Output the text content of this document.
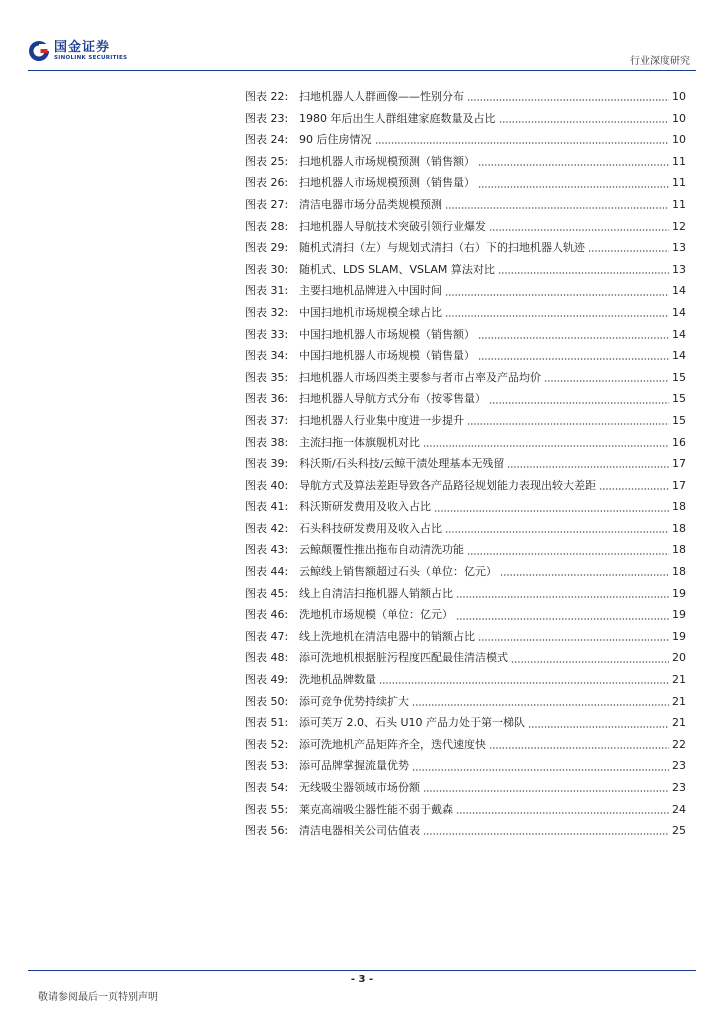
国金证券
SINOLINK SECURITIES	行业深度研究
图表 22: 扫地机器人人群画像——性别分布	10
图表 23: 1980 年后出生人群组建家庭数量及占比	10
图表 24: 90 后住房情况	10
图表 25: 扫地机器人市场规模预测（销售额）	11
图表 26: 扫地机器人市场规模预测（销售量）	11
图表 27: 清洁电器市场分品类规模预测	11
图表 28: 扫地机器人导航技术突破引领行业爆发	12
图表 29: 随机式清扫（左）与规划式清扫（右）下的扫地机器人轨迹	13
图表 30: 随机式、LDS SLAM、VSLAM 算法对比	13
图表 31: 主要扫地机品牌进入中国时间	14
图表 32: 中国扫地机市场规模全球占比	14
图表 33: 中国扫地机器人市场规模（销售额）	14
图表 34: 中国扫地机器人市场规模（销售量）	14
图表 35: 扫地机器人市场四类主要参与者市占率及产品均价	15
图表 36: 扫地机器人导航方式分布（按零售量）	15
图表 37: 扫地机器人行业集中度进一步提升	15
图表 38: 主流扫拖一体旗舰机对比	16
图表 39: 科沃斯/石头科技/云鲸干渍处理基本无残留	17
图表 40: 导航方式及算法差距导致各产品路径规划能力表现出较大差距	17
图表 41: 科沃斯研发费用及收入占比	18
图表 42: 石头科技研发费用及收入占比	18
图表 43: 云鲸颠覆性推出拖布自动清洗功能	18
图表 44: 云鲸线上销售额超过石头（单位：亿元）	18
图表 45: 线上自清洁扫拖机器人销额占比	19
图表 46: 洗地机市场规模（单位：亿元）	19
图表 47: 线上洗地机在清洁电器中的销额占比	19
图表 48: 添可洗地机根据脏污程度匹配最佳清洁模式	20
图表 49: 洗地机品牌数量	21
图表 50: 添可竞争优势持续扩大	21
图表 51: 添可芙万 2.0、石头 U10 产品力处于第一梯队	21
图表 52: 添可洗地机产品矩阵齐全，迭代速度快	22
图表 53: 添可品牌掌握流量优势	23
图表 54: 无线吸尘器领域市场份额	23
图表 55: 莱克高端吸尘器性能不弱于戴森	24
图表 56: 清洁电器相关公司估值表	25
- 3 -
敬请参阅最后一页特别声明
